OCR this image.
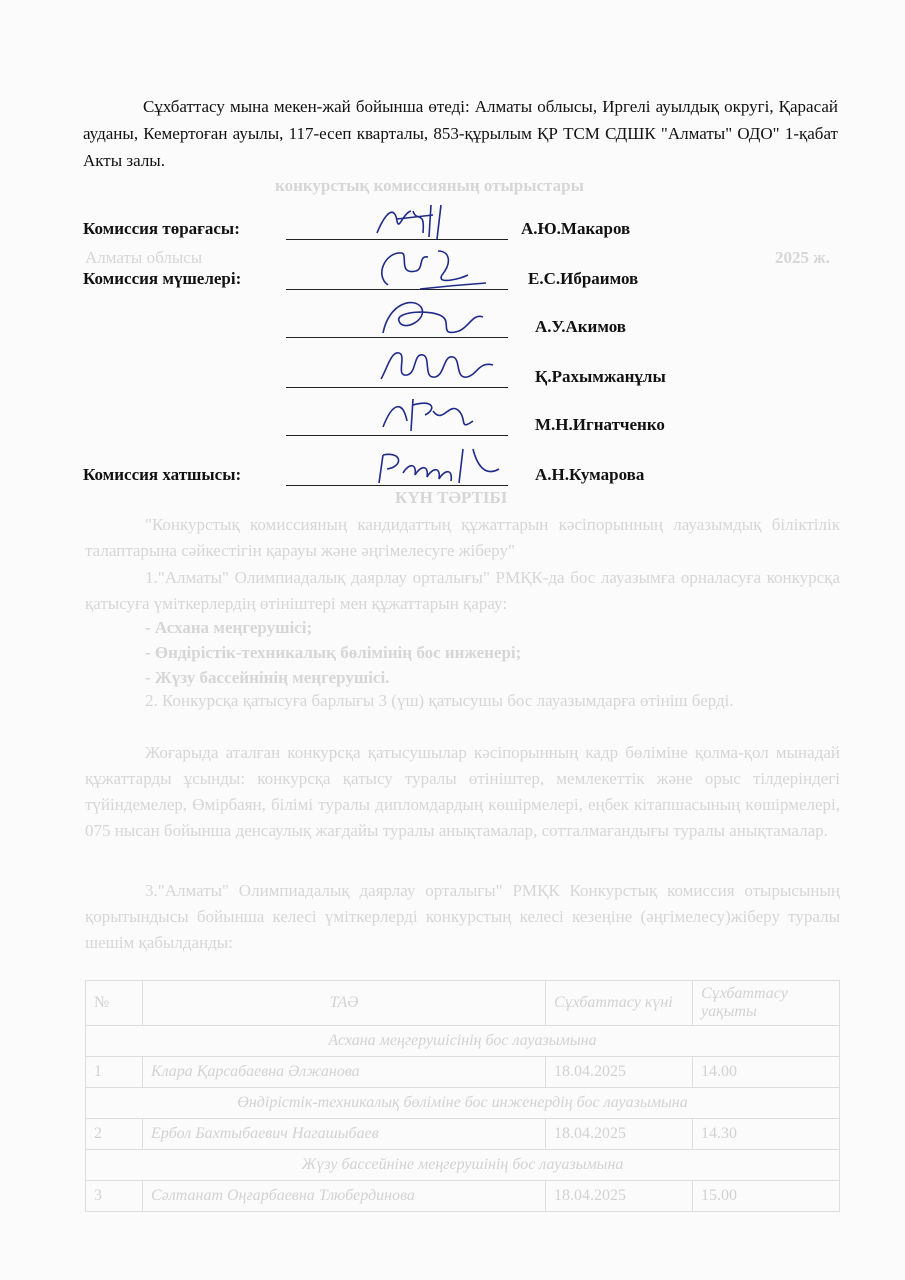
конкурстық комиссияның отырыстары
Алматы облысы	2025 ж.
КҮН ТӘРТІБІ
"Конкурстық комиссияның кандидаттың құжаттарын кәсіпорынның лауазымдық біліктілік талаптарына сәйкестігін қарауы және әңгімелесуге жіберу"
1."Алматы" Олимпиадалық даярлау орталығы" РМҚК-да бос лауазымға орналасуға конкурсқа қатысуға үміткерлердің өтініштері мен құжаттарын қарау:
- Асхана меңгерушісі;
- Өндірістік-техникалық бөлімінің бос инженері;
- Жүзу бассейнінің меңгерушісі.
2. Конкурсқа қатысуға барлығы 3 (үш) қатысушы бос лауазымдарға өтініш берді.
Жоғарыда аталған конкурсқа қатысушылар кәсіпорынның кадр бөліміне қолма-қол мынадай құжаттарды ұсынды: конкурсқа қатысу туралы өтініштер, мемлекеттік және орыс тілдеріндегі түйіндемелер, Өмірбаян, білімі туралы дипломдардың көшірмелері, еңбек кітапшасының көшірмелері, 075 нысан бойынша денсаулық жағдайы туралы анықтамалар, сотталмағандығы туралы анықтамалар.
3."Алматы" Олимпиадалық даярлау орталығы" РМҚК Конкурстық комиссия отырысының қорытындысы бойынша келесі үміткерлерді конкурстың келесі кезеңіне (әңгімелесу)жіберу туралы шешім қабылданды:
№	ТАӘ	Сұхбаттасу күні	Сұхбаттасу уақыты
Асхана меңгерушісінің бос лауазымына			
1	Клара Қарсабаевна Әлжанова	18.04.2025	14.00
Өндірістік-техникалық бөліміне бос инженердің бос лауазымына			
2	Ербол Бахтыбаевич Нагашыбаев	18.04.2025	14.30
Жүзу бассейніне меңгерушінің бос лауазымына			
3	Сәлтанат Оңғарбаевна Тлюбердинова	18.04.2025	15.00
Сұхбаттасу мына мекен-жай бойынша өтеді: Алматы облысы, Иргелі ауылдық округі, Қарасай ауданы, Кемертоған ауылы, 117-есеп кварталы, 853-құрылым ҚР ТСМ СДШК "Алматы" ОДО" 1-қабат Акты залы.
Комиссия төрағасы:	А.Ю.Макаров
Комиссия мүшелері:	Е.С.Ибраимов
А.У.Акимов
Қ.Рахымжанұлы
М.Н.Игнатченко
Комиссия хатшысы:	А.Н.Кумарова
